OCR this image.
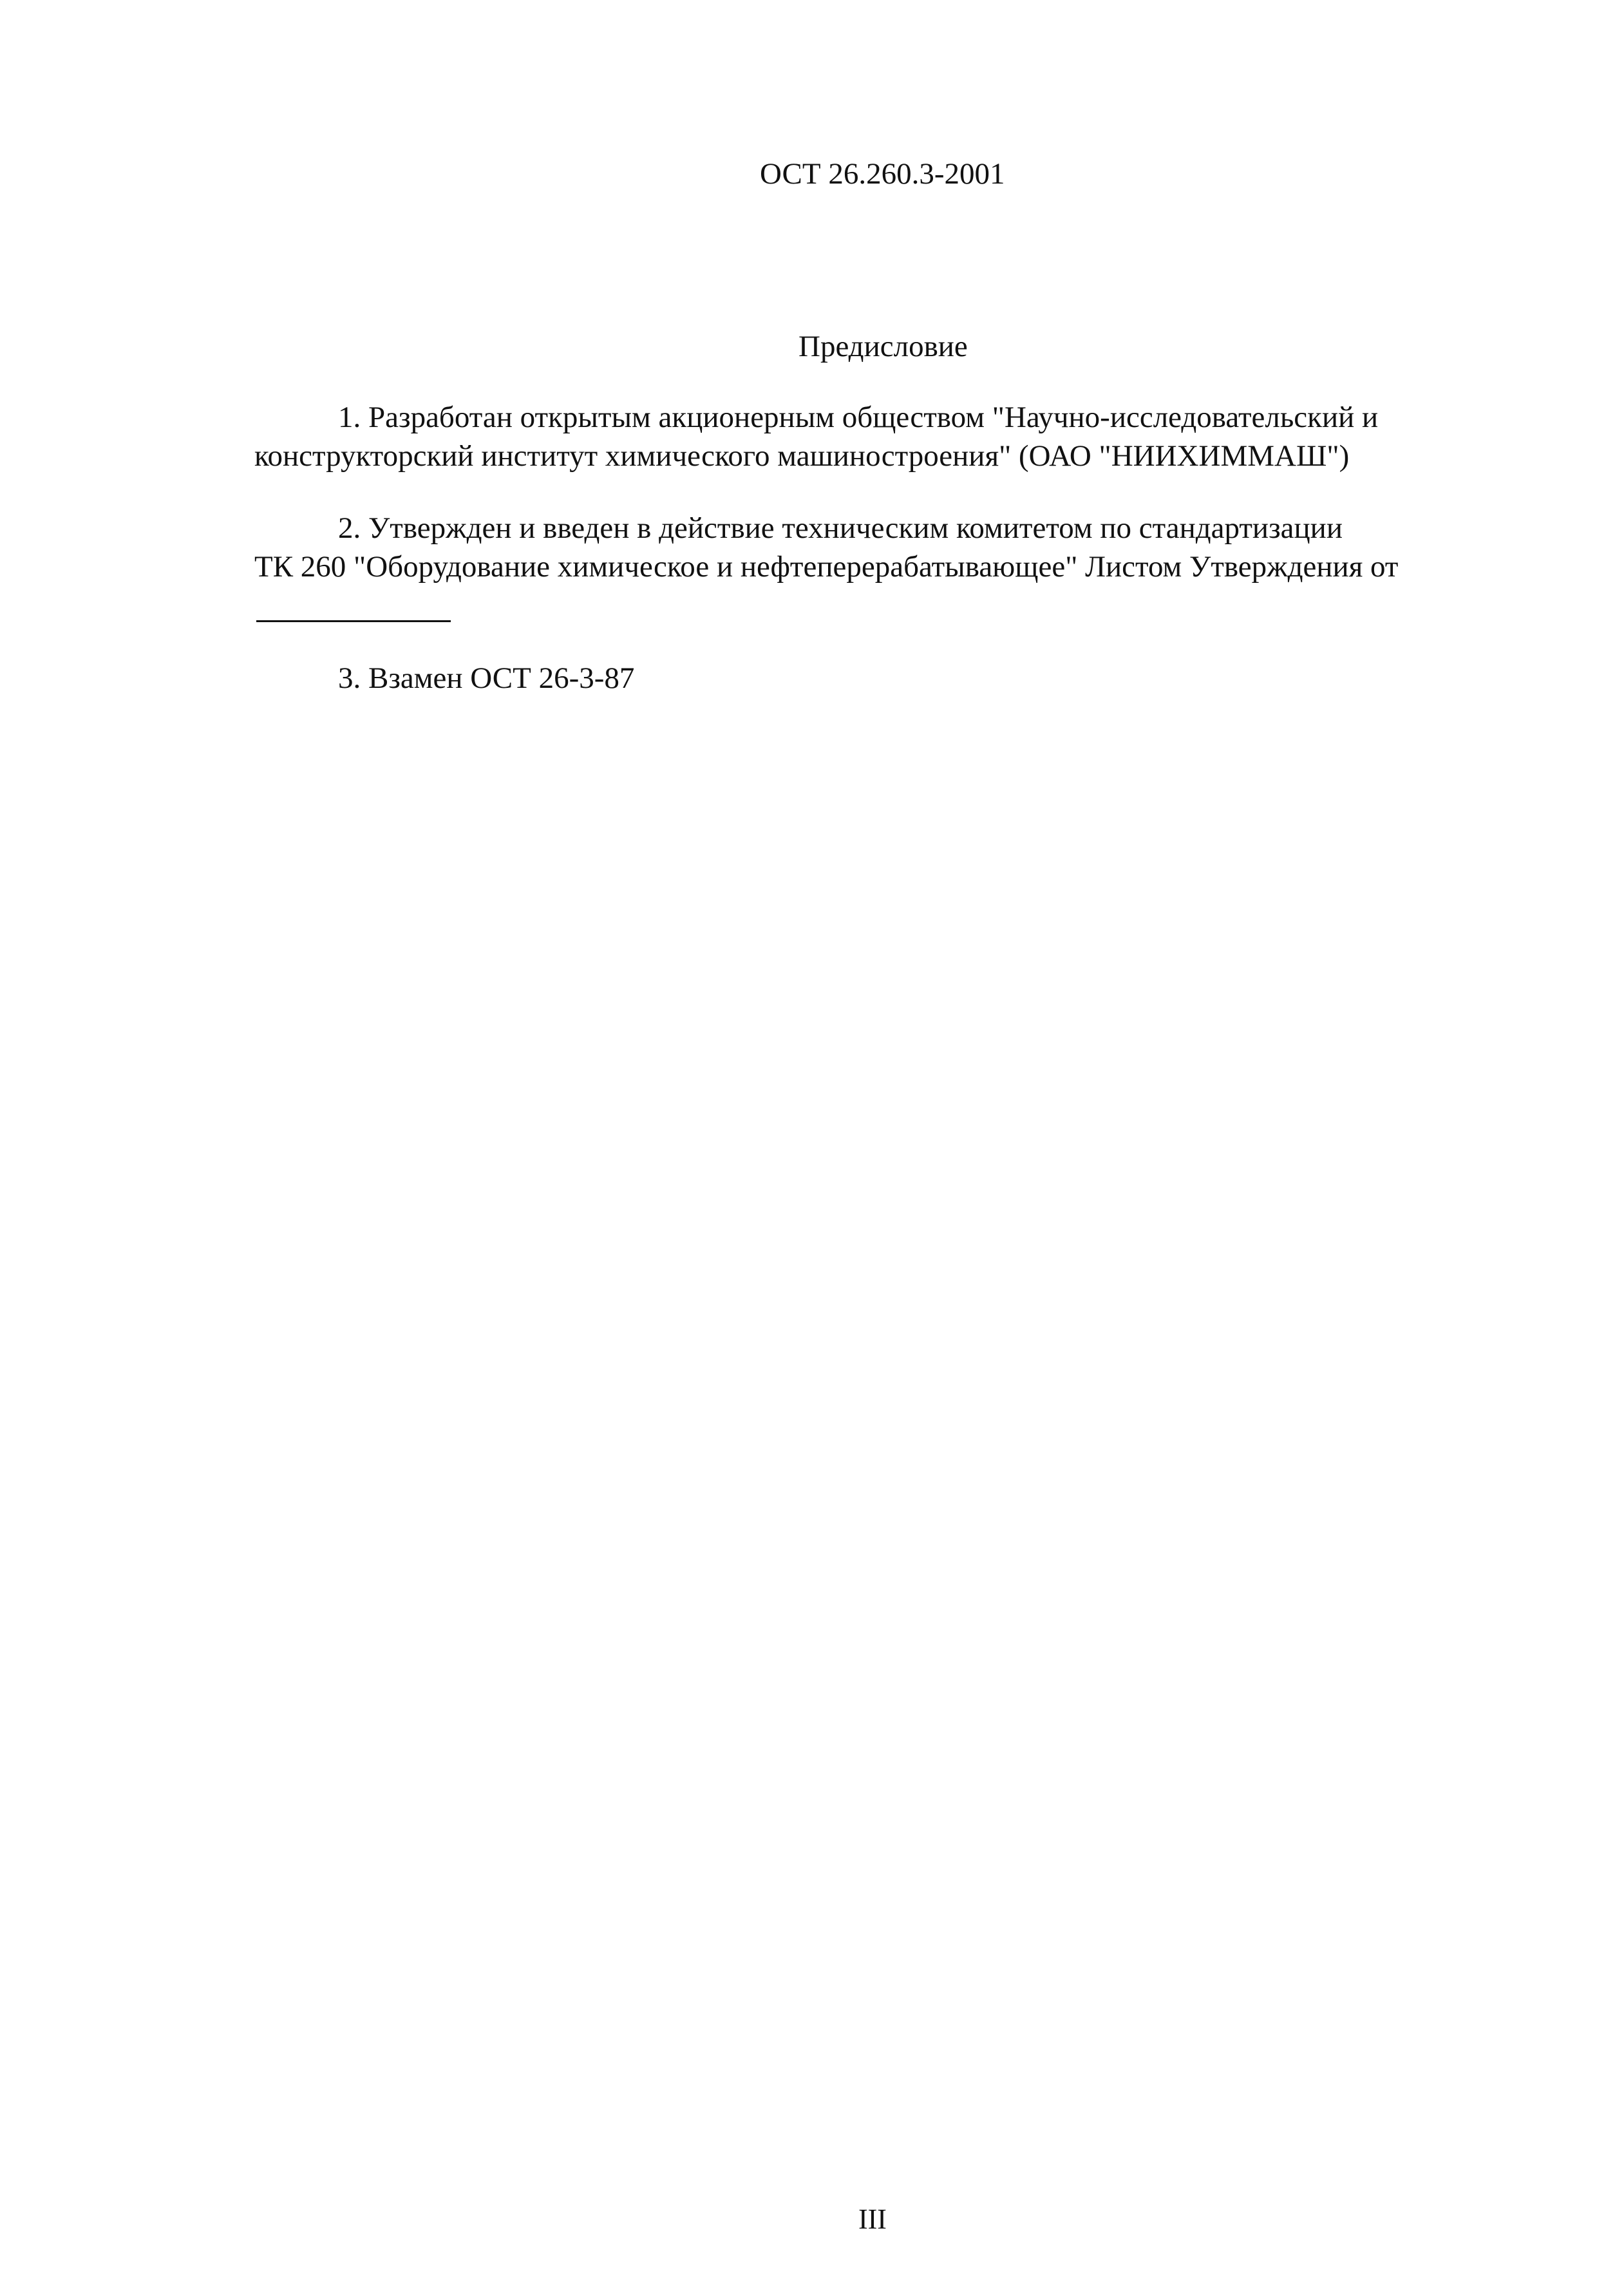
ОСТ 26.260.3-2001
Предисловие
1. Разработан открытым акционерным обществом "Научно-исследовательский и
конструкторский институт химического машиностроения" (ОАО "НИИХИММАШ")
2. Утвержден и введен в действие техническим комитетом по стандартизации
ТК 260 "Оборудование химическое и нефтеперерабатывающее" Листом Утверждения от
3. Взамен ОСТ 26-3-87
III
